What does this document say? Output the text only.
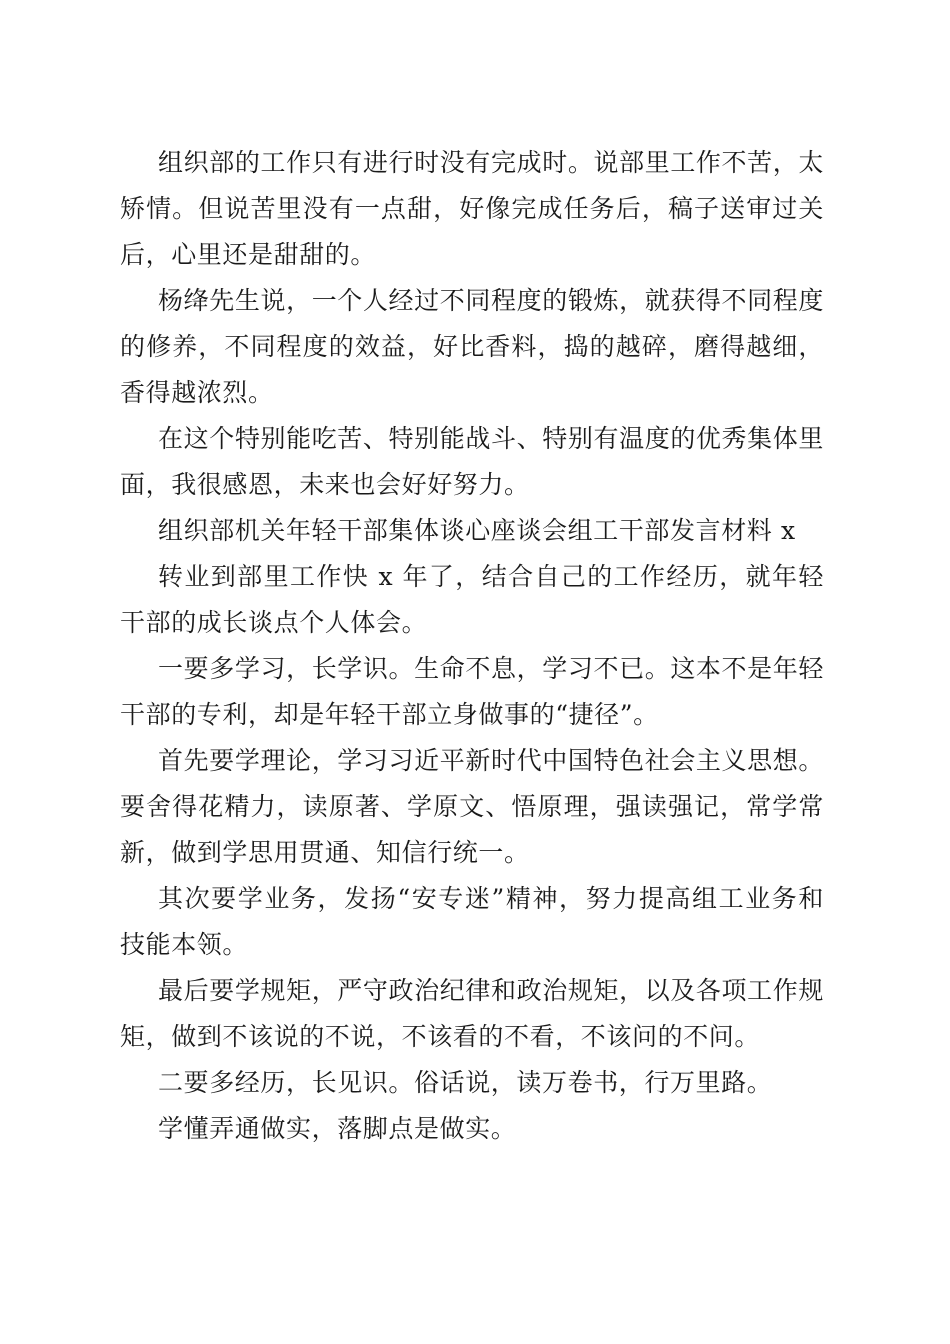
组织部的工作只有进行时没有完成时。说部里工作不苦，太矫情。但说苦里没有一点甜，好像完成任务后，稿子送审过关后，心里还是甜甜的。

杨绛先生说，一个人经过不同程度的锻炼，就获得不同程度的修养，不同程度的效益，好比香料，捣的越碎，磨得越细，香得越浓烈。

在这个特别能吃苦、特别能战斗、特别有温度的优秀集体里面，我很感恩，未来也会好好努力。

组织部机关年轻干部集体谈心座谈会组工干部发言材料 x

转业到部里工作快 x 年了，结合自己的工作经历，就年轻干部的成长谈点个人体会。

一要多学习，长学识。生命不息，学习不已。这本不是年轻干部的专利，却是年轻干部立身做事的“捷径”。

首先要学理论，学习习近平新时代中国特色社会主义思想。要舍得花精力，读原著、学原文、悟原理，强读强记，常学常新，做到学思用贯通、知信行统一。

其次要学业务，发扬“安专迷”精神，努力提高组工业务和技能本领。

最后要学规矩，严守政治纪律和政治规矩，以及各项工作规矩，做到不该说的不说，不该看的不看，不该问的不问。

二要多经历，长见识。俗话说，读万卷书，行万里路。

学懂弄通做实，落脚点是做实。
